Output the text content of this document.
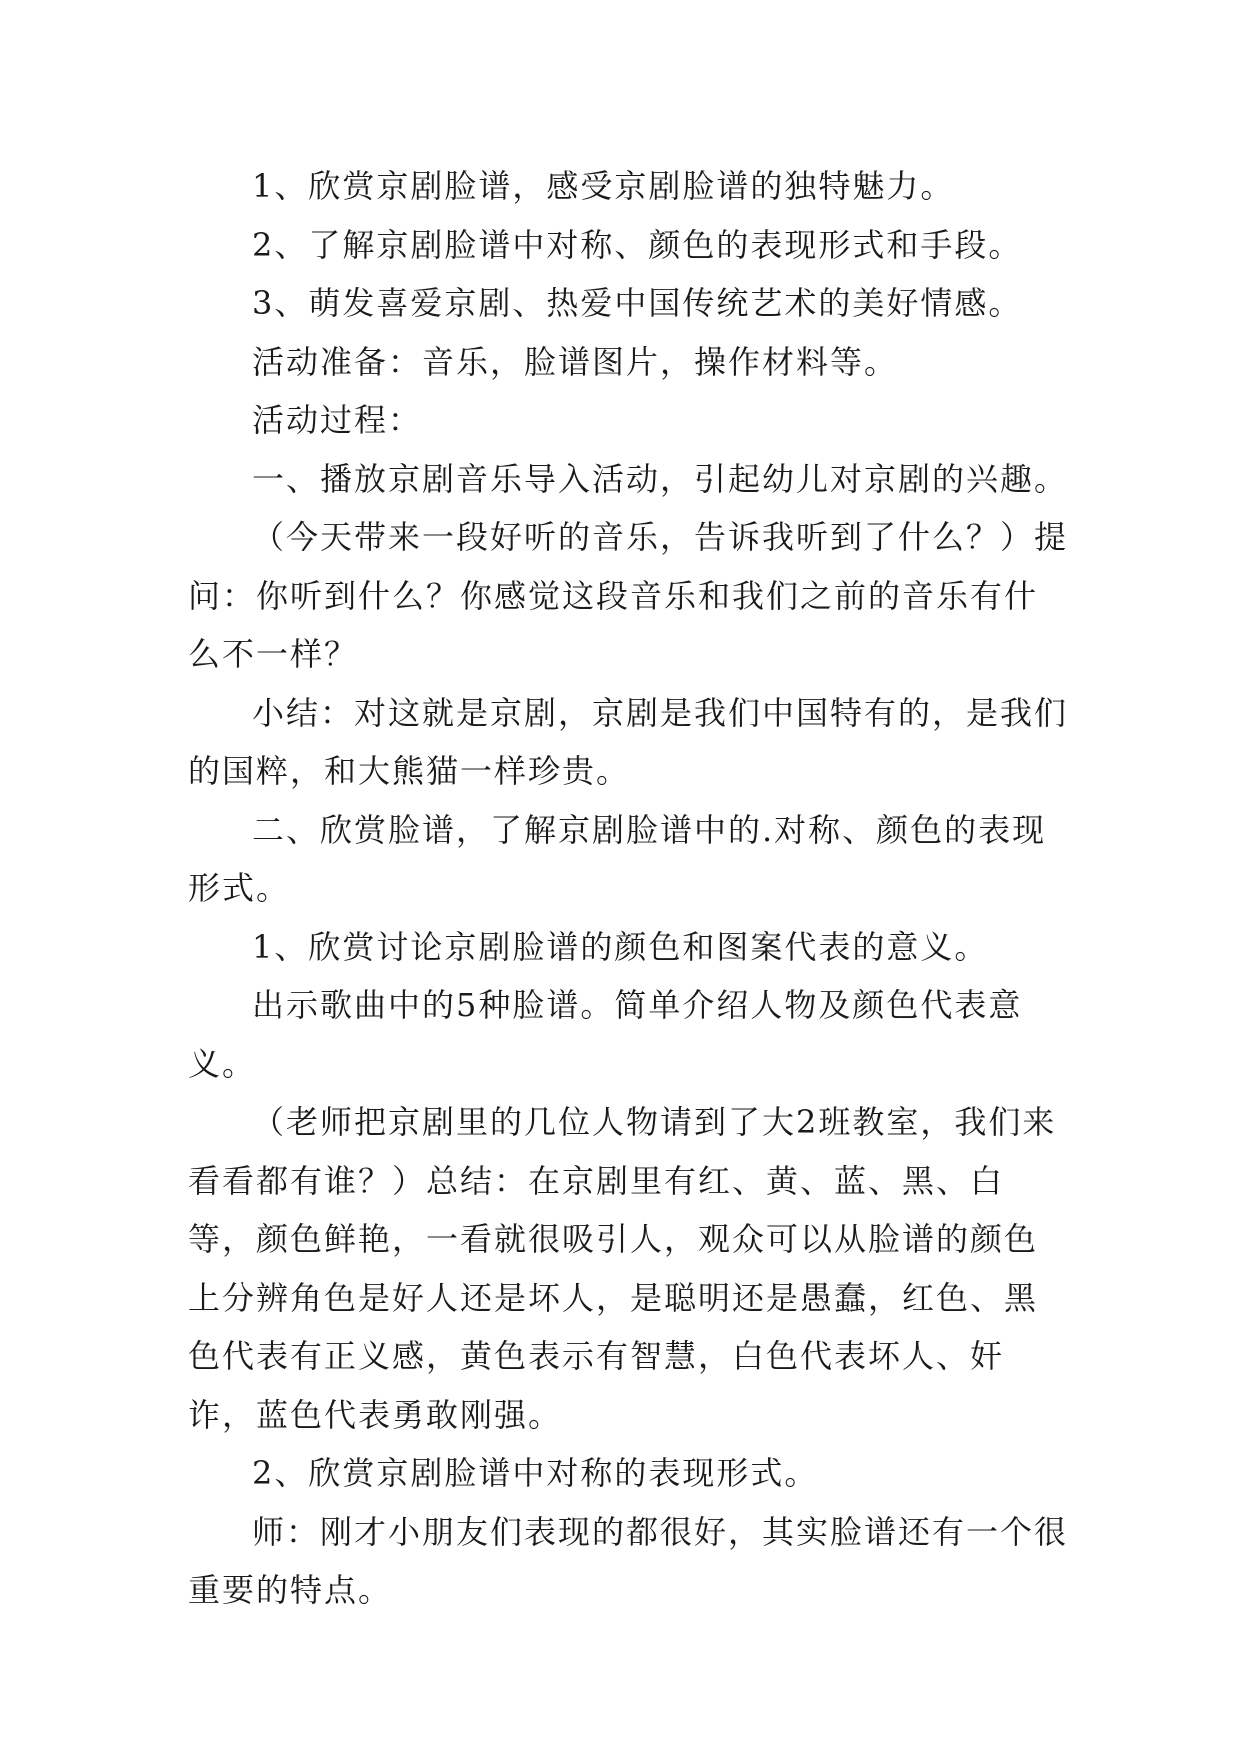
1、欣赏京剧脸谱，感受京剧脸谱的独特魅力。

2、了解京剧脸谱中对称、颜色的表现形式和手段。

3、萌发喜爱京剧、热爱中国传统艺术的美好情感。

活动准备：音乐，脸谱图片，操作材料等。

活动过程：

一、播放京剧音乐导入活动，引起幼儿对京剧的兴趣。

（今天带来一段好听的音乐，告诉我听到了什么？）提问：你听到什么？你感觉这段音乐和我们之前的音乐有什么不一样？

小结：对这就是京剧，京剧是我们中国特有的，是我们的国粹，和大熊猫一样珍贵。

二、欣赏脸谱，了解京剧脸谱中的.对称、颜色的表现形式。

1、欣赏讨论京剧脸谱的颜色和图案代表的意义。

出示歌曲中的5种脸谱。简单介绍人物及颜色代表意义。

（老师把京剧里的几位人物请到了大2班教室，我们来看看都有谁？）总结：在京剧里有红、黄、蓝、黑、白等，颜色鲜艳，一看就很吸引人，观众可以从脸谱的颜色上分辨角色是好人还是坏人，是聪明还是愚蠢，红色、黑色代表有正义感，黄色表示有智慧，白色代表坏人、奸诈，蓝色代表勇敢刚强。

2、欣赏京剧脸谱中对称的表现形式。

师：刚才小朋友们表现的都很好，其实脸谱还有一个很重要的特点。
